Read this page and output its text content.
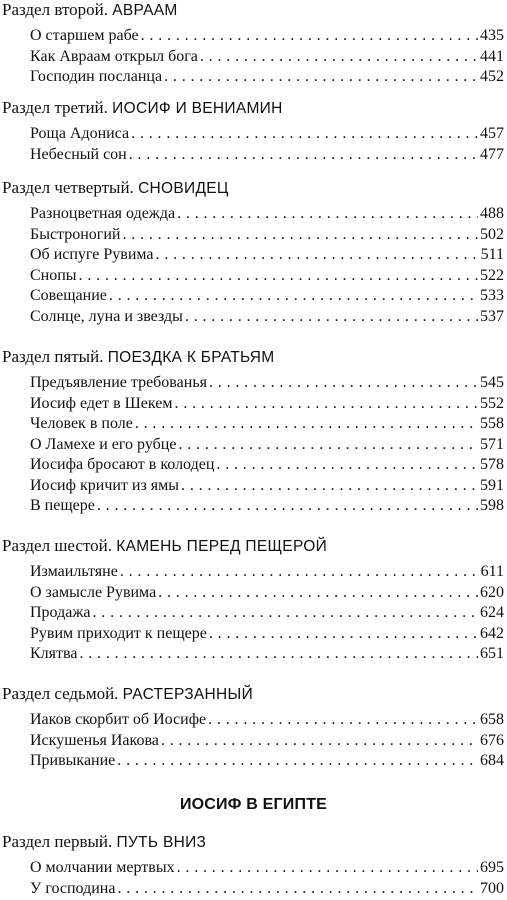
Раздел второй. АВРААМ
О старшем рабе . . .	435
Как Авраам открыл бога . . .	441
Господин посланца . . .	452
Раздел третий. ИОСИФ И ВЕНИАМИН
Роща Адониса . . .	457
Небесный сон . . .	477
Раздел четвертый. СНОВИДЕЦ
Разноцветная одежда . . .	488
Быстроногий . . .	502
Об испуге Рувима . . .	511
Снопы . . .	522
Совещание . . .	533
Солнце, луна и звезды . . .	537
Раздел пятый. ПОЕЗДКА К БРАТЬЯМ
Предъявление требованья . . .	545
Иосиф едет в Шекем . . .	552
Человек в поле . . .	558
О Ламехе и его рубце . . .	571
Иосифа бросают в колодец . . .	578
Иосиф кричит из ямы . . .	591
В пещере . . .	598
Раздел шестой. КАМЕНЬ ПЕРЕД ПЕЩЕРОЙ
Измаильтяне . . .	611
О замысле Рувима . . .	620
Продажа . . .	624
Рувим приходит к пещере . . .	642
Клятва . . .	651
Раздел седьмой. РАСТЕРЗАННЫЙ
Иаков скорбит об Иосифе . . .	658
Искушенья Иакова . . .	676
Привыкание . . .	684
ИОСИФ В ЕГИПТЕ
Раздел первый. ПУТЬ ВНИЗ
О молчании мертвых . . .	695
У господина . . .	700
